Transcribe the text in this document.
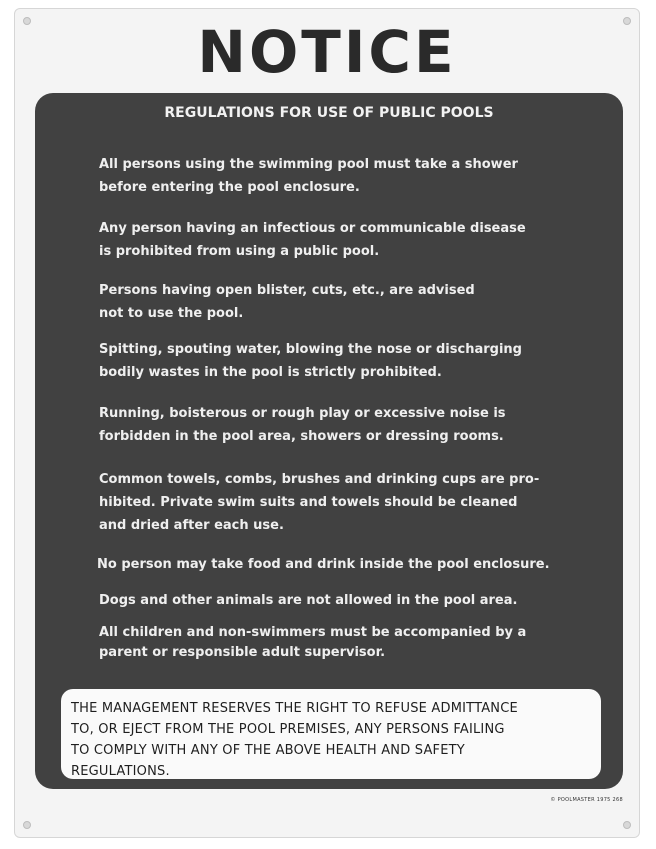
NOTICE
REGULATIONS FOR USE OF PUBLIC POOLS
All persons using the swimming pool must take a shower
before entering the pool enclosure.
Any person having an infectious or communicable disease
is prohibited from using a public pool.
Persons having open blister, cuts, etc., are advised
not to use the pool.
Spitting, spouting water, blowing the nose or discharging
bodily wastes in the pool is strictly prohibited.
Running, boisterous or rough play or excessive noise is
forbidden in the pool area, showers or dressing rooms.
Common towels, combs, brushes and drinking cups are pro-
hibited. Private swim suits and towels should be cleaned
and dried after each use.
No person may take food and drink inside the pool enclosure.
Dogs and other animals are not allowed in the pool area.
All children and non-swimmers must be accompanied by a
parent or responsible adult supervisor.
THE MANAGEMENT RESERVES THE RIGHT TO REFUSE ADMITTANCE
TO, OR EJECT FROM THE POOL PREMISES, ANY PERSONS FAILING
TO COMPLY WITH ANY OF THE ABOVE HEALTH AND SAFETY
REGULATIONS.
© POOLMASTER 1975 268
